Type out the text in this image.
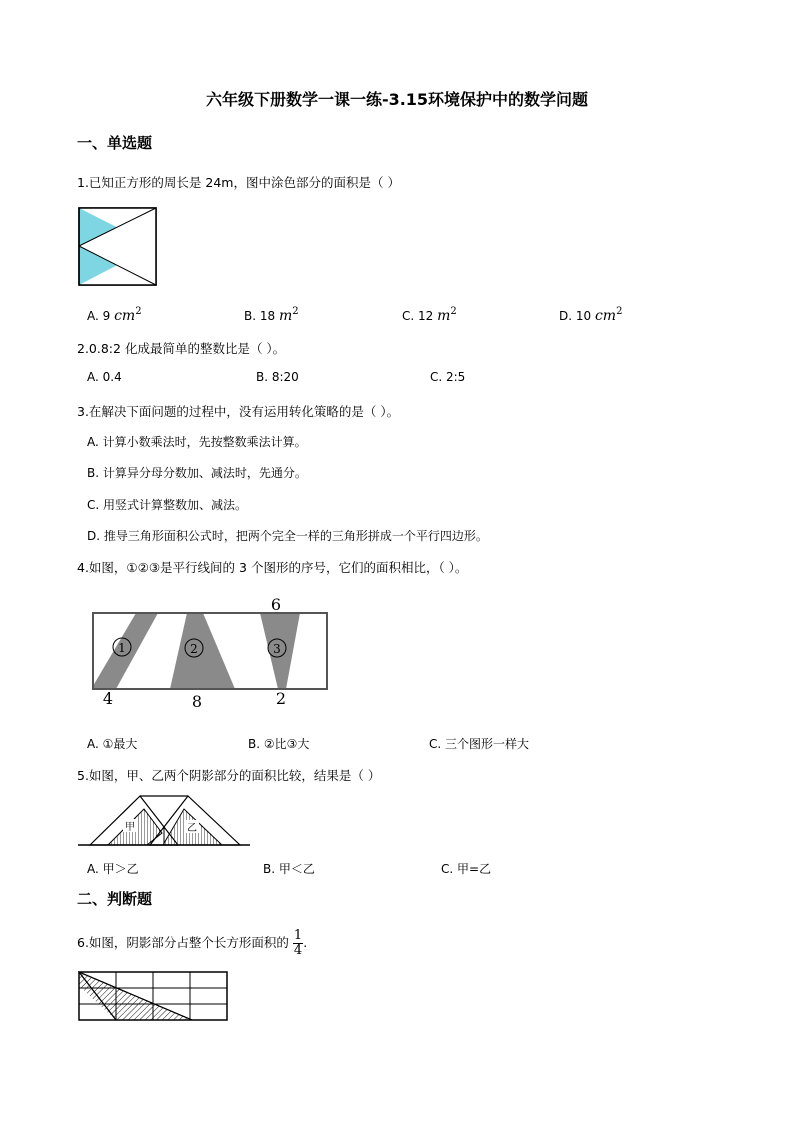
六年级下册数学一课一练-3.15环境保护中的数学问题
一、单选题
1.已知正方形的周长是 24m，图中涂色部分的面积是（ ）
A. 9 $cm^2$	B. 18 $m^2$	C. 12 $m^2$	D. 10 $cm^2$
2.0.8:2 化成最简单的整数比是（ ）。
A. 0.4	B. 8:20	C. 2:5
3.在解决下面问题的过程中，没有运用转化策略的是（ ）。
A. 计算小数乘法时，先按整数乘法计算。
B. 计算异分母分数加、减法时，先通分。
C. 用竖式计算整数加、减法。
D. 推导三角形面积公式时，把两个完全一样的三角形拼成一个平行四边形。
4.如图，①②③是平行线间的 3 个图形的序号，它们的面积相比，（ ）。
1	2	3
6
4	8	2
A. ①最大	B. ②比③大	C. 三个图形一样大
5.如图，甲、乙两个阴影部分的面积比较，结果是（ ）
甲	乙
A. 甲＞乙	B. 甲＜乙	C. 甲=乙
二、判断题
6.如图，阴影部分占整个长方形面积的 $\frac{1}{4}$ .
